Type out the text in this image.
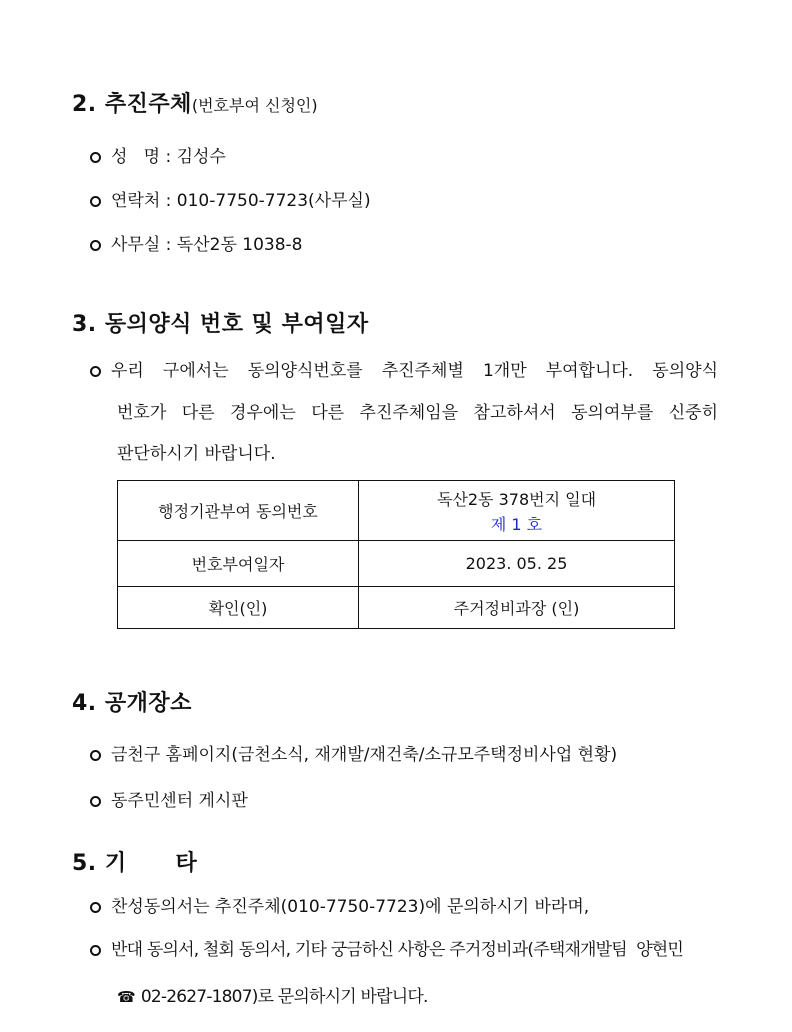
2. 추진주체(번호부여 신청인)
성   명 : 김성수
연락처 : 010-7750-7723(사무실)
사무실 : 독산2동 1038-8
3. 동의양식 번호 및 부여일자
우리 구에서는 동의양식번호를 추진주체별 1개만 부여합니다. 동의양식
번호가 다른 경우에는 다른 추진주체임을 참고하셔서 동의여부를 신중히
판단하시기 바랍니다.
행정기관부여 동의번호	독산2동 378번지 일대
제 1 호

번호부여일자	2023. 05. 25
확인(인)	주거정비과장 (인)
4. 공개장소
금천구 홈페이지(금천소식, 재개발/재건축/소규모주택정비사업 현황)
동주민센터 게시판
5. 기      타
찬성동의서는 추진주체(010-7750-7723)에 문의하시기 바라며,
반대 동의서, 철회 동의서, 기타 궁금하신 사항은 주거정비과(주택재개발팀  양현민
☎ 02-2627-1807)로 문의하시기 바랍니다.
